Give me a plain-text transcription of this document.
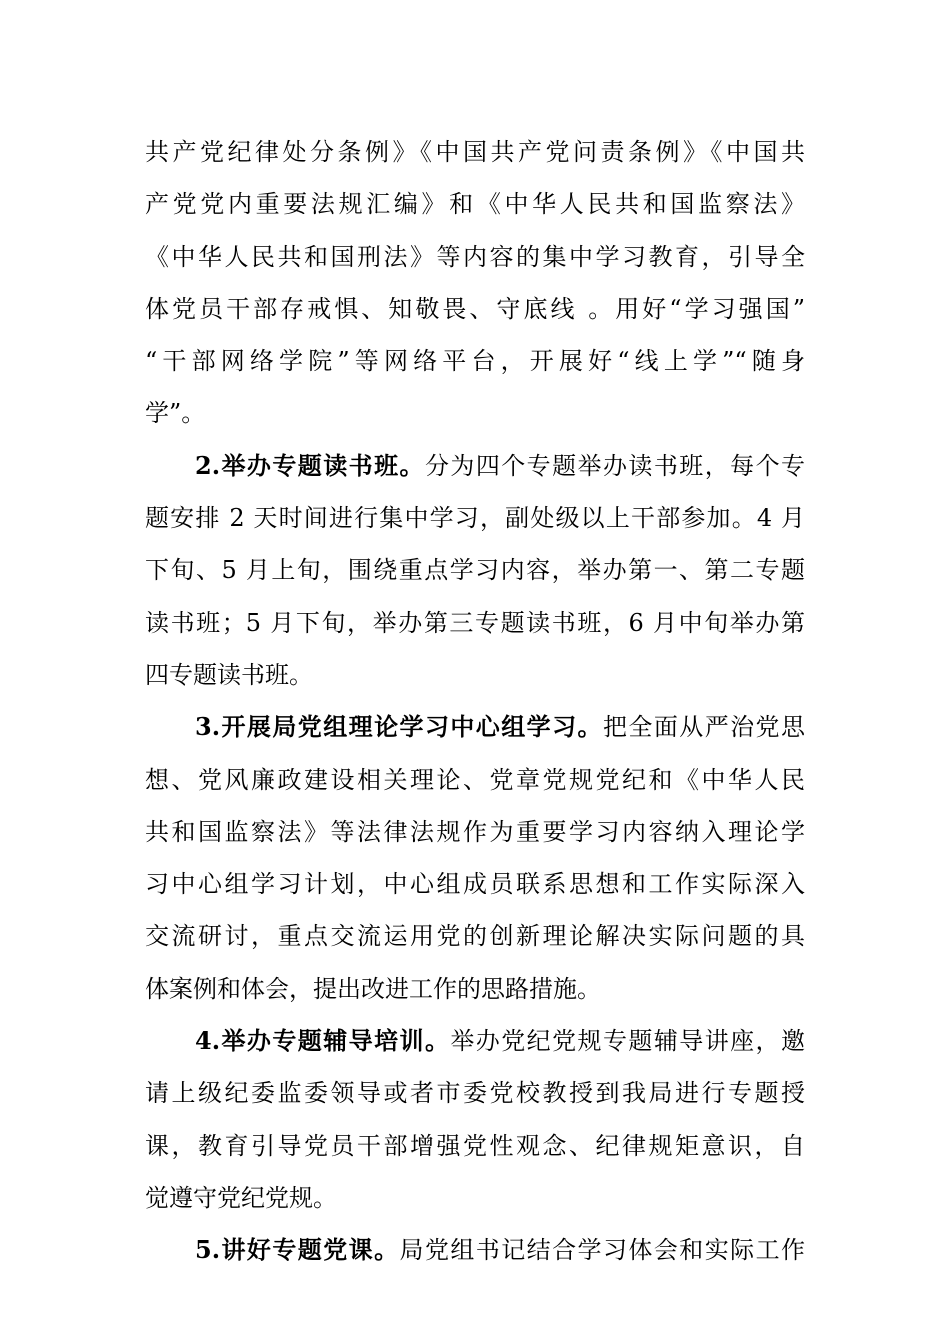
共产党纪律处分条例》《中国共产党问责条例》《中国共
产党党内重要法规汇编》和《中华人民共和国监察法》
《中华人民共和国刑法》等内容的集中学习教育，引导全
体党员干部存戒惧、知敬畏、守底线 。用好“学习强国”
“干部网络学院”等网络平台，开展好“线上学”“随身
学”。
2.举办专题读书班。分为四个专题举办读书班，每个专
题安排 2 天时间进行集中学习，副处级以上干部参加。4 月
下旬、5 月上旬，围绕重点学习内容，举办第一、第二专题
读书班；5 月下旬，举办第三专题读书班，6 月中旬举办第
四专题读书班。
3.开展局党组理论学习中心组学习。把全面从严治党思
想、党风廉政建设相关理论、党章党规党纪和《中华人民
共和国监察法》等法律法规作为重要学习内容纳入理论学
习中心组学习计划，中心组成员联系思想和工作实际深入
交流研讨，重点交流运用党的创新理论解决实际问题的具
体案例和体会，提出改进工作的思路措施。
4.举办专题辅导培训。举办党纪党规专题辅导讲座，邀
请上级纪委监委领导或者市委党校教授到我局进行专题授
课，教育引导党员干部增强党性观念、纪律规矩意识，自
觉遵守党纪党规。
5.讲好专题党课。局党组书记结合学习体会和实际工作
